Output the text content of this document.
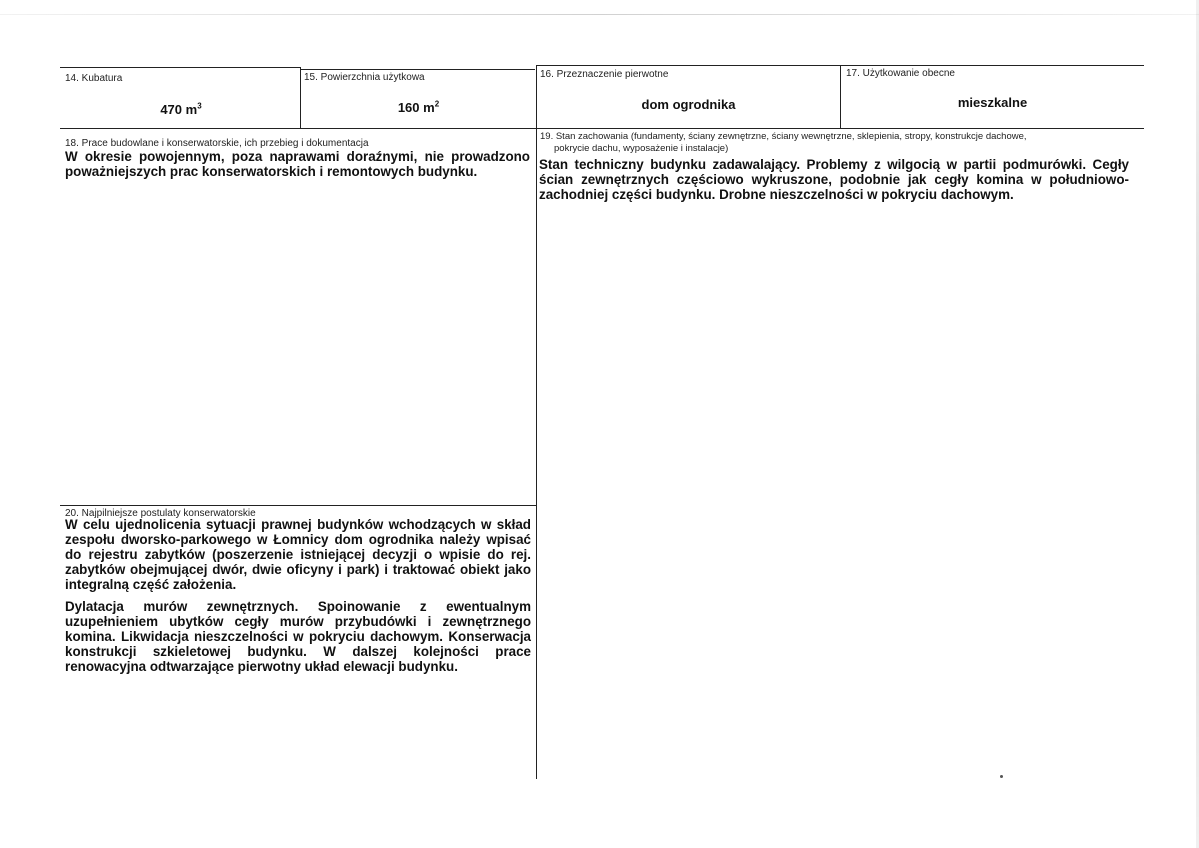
14. Kubatura
470 $m^3$
15. Powierzchnia użytkowa
160 $m^2$
16. Przeznaczenie pierwotne
dom ogrodnika
17. Użytkowanie obecne
mieszkalne
18. Prace budowlane i konserwatorskie, ich przebieg i dokumentacja
W okresie powojennym, poza naprawami doraźnymi, nie prowadzono poważniejszych prac konserwatorskich i remontowych budynku.
19. Stan zachowania (fundamenty, ściany zewnętrzne, ściany wewnętrzne, sklepienia, stropy, konstrukcje dachowe,
pokrycie dachu, wyposażenie i instalacje)
Stan techniczny budynku zadawalający. Problemy z wilgocią w partii podmurówki. Cegły ścian zewnętrznych częściowo wykruszone, podobnie jak cegły komina w południowo-zachodniej części budynku. Drobne nieszczelności w pokryciu dachowym.
20. Najpilniejsze postulaty konserwatorskie
W celu ujednolicenia sytuacji prawnej budynków wchodzących w skład zespołu dworsko-parkowego w Łomnicy dom ogrodnika należy wpisać do rejestru zabytków (poszerzenie istniejącej decyzji o wpisie do rej. zabytków obejmującej dwór, dwie oficyny i park) i traktować obiekt jako integralną część założenia.
Dylatacja murów zewnętrznych. Spoinowanie z ewentualnym uzupełnieniem ubytków cegły murów przybudówki i zewnętrznego komina. Likwidacja nieszczelności w pokryciu dachowym. Konserwacja konstrukcji szkieletowej budynku. W dalszej kolejności prace renowacyjna odtwarzające pierwotny układ elewacji budynku.
